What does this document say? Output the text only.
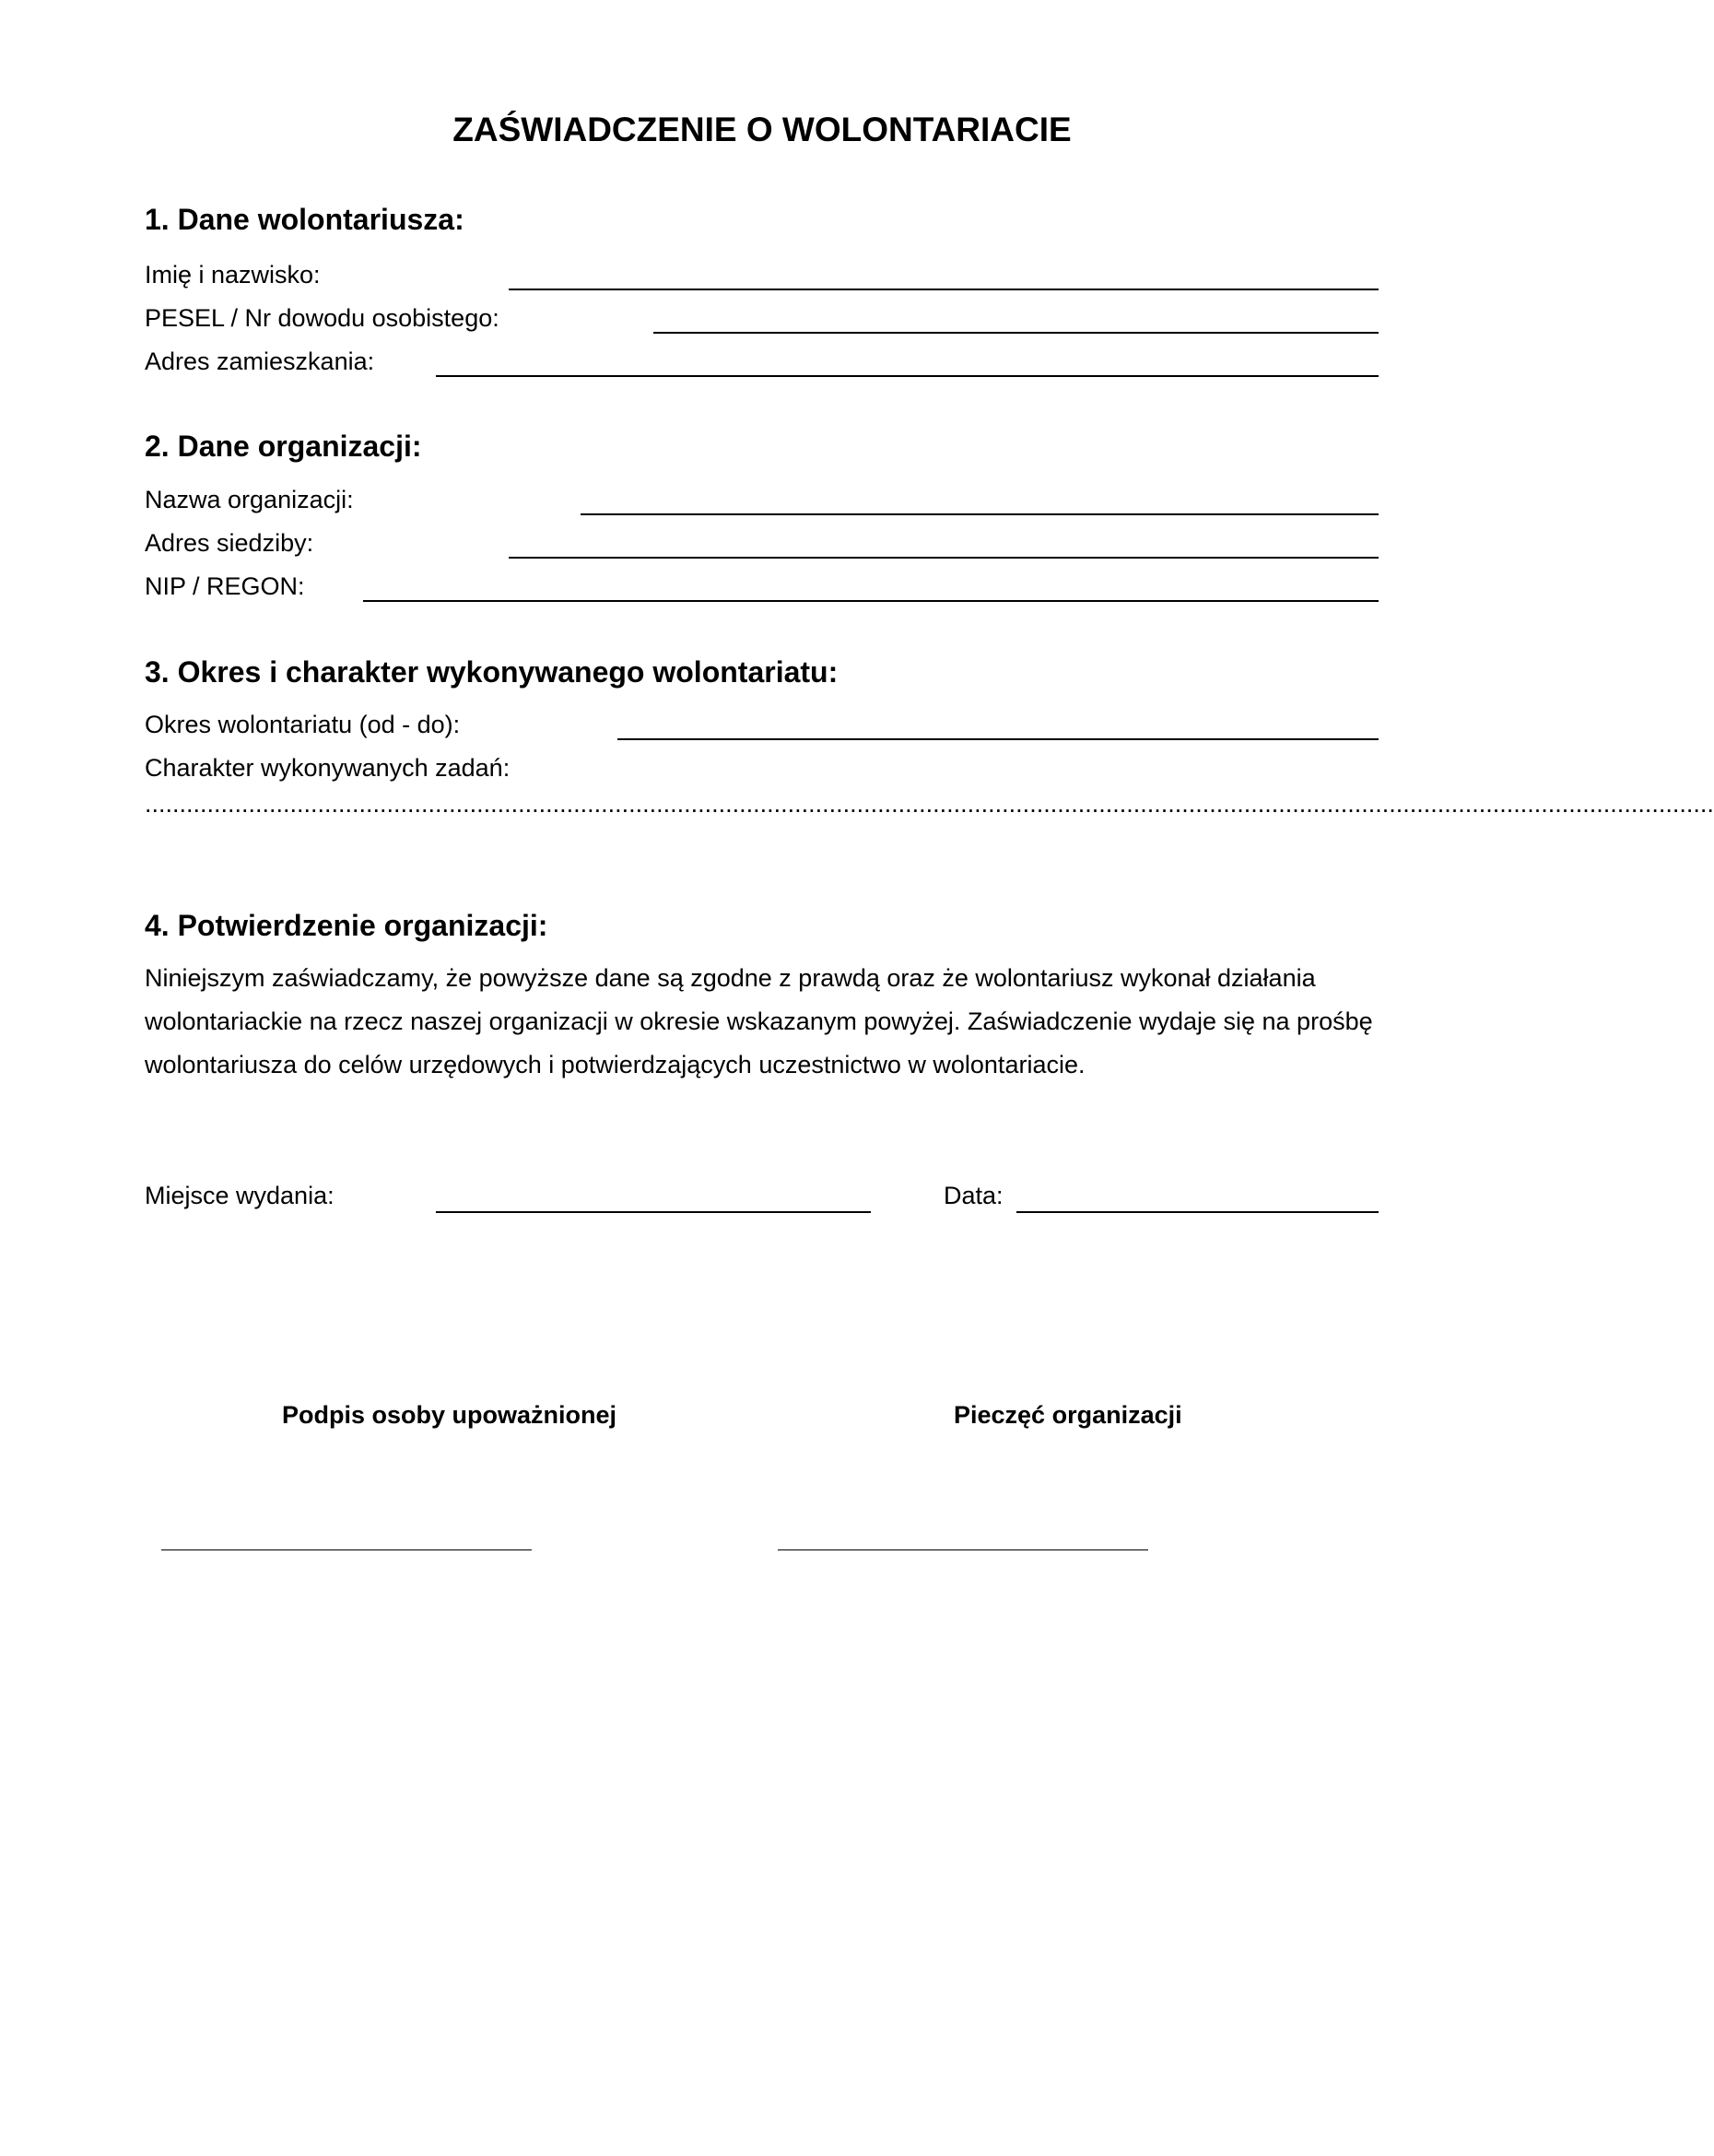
ZAŚWIADCZENIE O WOLONTARIACIE
1. Dane wolontariusza:
Imię i nazwisko:
PESEL / Nr dowodu osobistego:
Adres zamieszkania:
2. Dane organizacji:
Nazwa organizacji:
Adres siedziby:
NIP / REGON:
3. Okres i charakter wykonywanego wolontariatu:
Okres wolontariatu (od - do):
Charakter wykonywanych zadań:
...................................................................................................................................................................................................................................
4. Potwierdzenie organizacji:
Niniejszym zaświadczamy, że powyższe dane są zgodne z prawdą oraz że wolontariusz wykonał działania wolontariackie na rzecz naszej organizacji w okresie wskazanym powyżej. Zaświadczenie wydaje się na prośbę wolontariusza do celów urzędowych i potwierdzających uczestnictwo w wolontariacie.
Miejsce wydania:	Data:
Podpis osoby upoważnionej	Pieczęć organizacji
